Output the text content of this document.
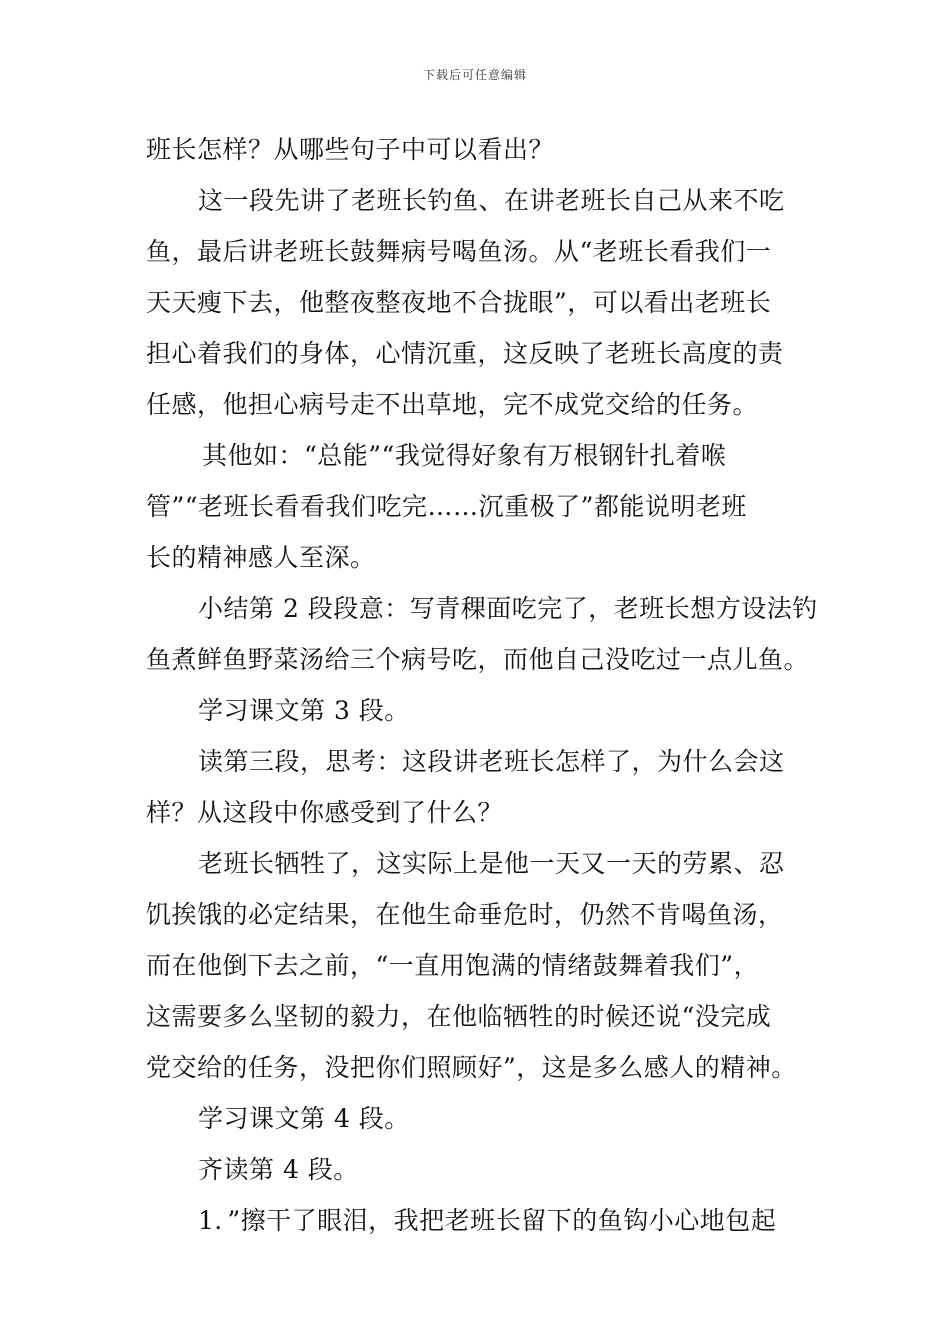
下载后可任意编辑
班长怎样？从哪些句子中可以看出？
这一段先讲了老班长钓鱼、在讲老班长自己从来不吃
鱼，最后讲老班长鼓舞病号喝鱼汤。从“老班长看我们一
天天瘦下去，他整夜整夜地不合拢眼”，可以看出老班长
担心着我们的身体，心情沉重，这反映了老班长高度的责
任感，他担心病号走不出草地，完不成党交给的任务。
其他如：“总能”“我觉得好象有万根钢针扎着喉
管”“老班长看看我们吃完……沉重极了”都能说明老班
长的精神感人至深。
小结第 2 段段意：写青稞面吃完了，老班长想方设法钓
鱼煮鲜鱼野菜汤给三个病号吃，而他自己没吃过一点儿鱼。
学习课文第 3 段。
读第三段，思考：这段讲老班长怎样了，为什么会这
样？从这段中你感受到了什么？
老班长牺牲了，这实际上是他一天又一天的劳累、忍
饥挨饿的必定结果，在他生命垂危时，仍然不肯喝鱼汤，
而在他倒下去之前，“一直用饱满的情绪鼓舞着我们”，
这需要多么坚韧的毅力，在他临牺牲的时候还说“没完成
党交给的任务，没把你们照顾好”，这是多么感人的精神。
学习课文第 4 段。
齐读第 4 段。
1．”擦干了眼泪，我把老班长留下的鱼钩小心地包起
